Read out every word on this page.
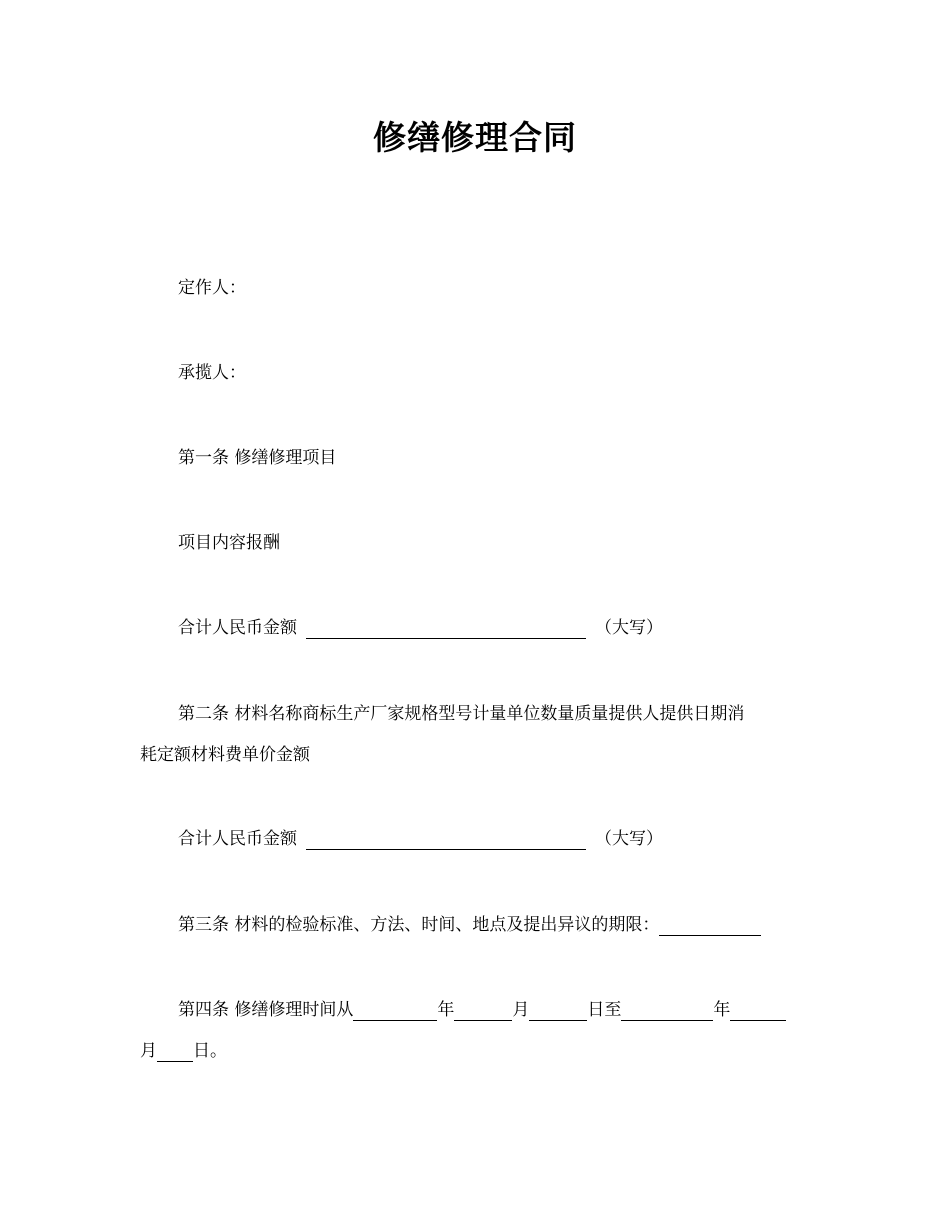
修缮修理合同
定作人：
承揽人：
第一条 修缮修理项目
项目内容报酬
合计人民币金额	（大写）
第二条 材料名称商标生产厂家规格型号计量单位数量质量提供人提供日期消
耗定额材料费单价金额
合计人民币金额	（大写）
第三条 材料的检验标准、方法、时间、地点及提出异议的期限：
第四条 修缮修理时间从	年	月	日至	年
月 日。
